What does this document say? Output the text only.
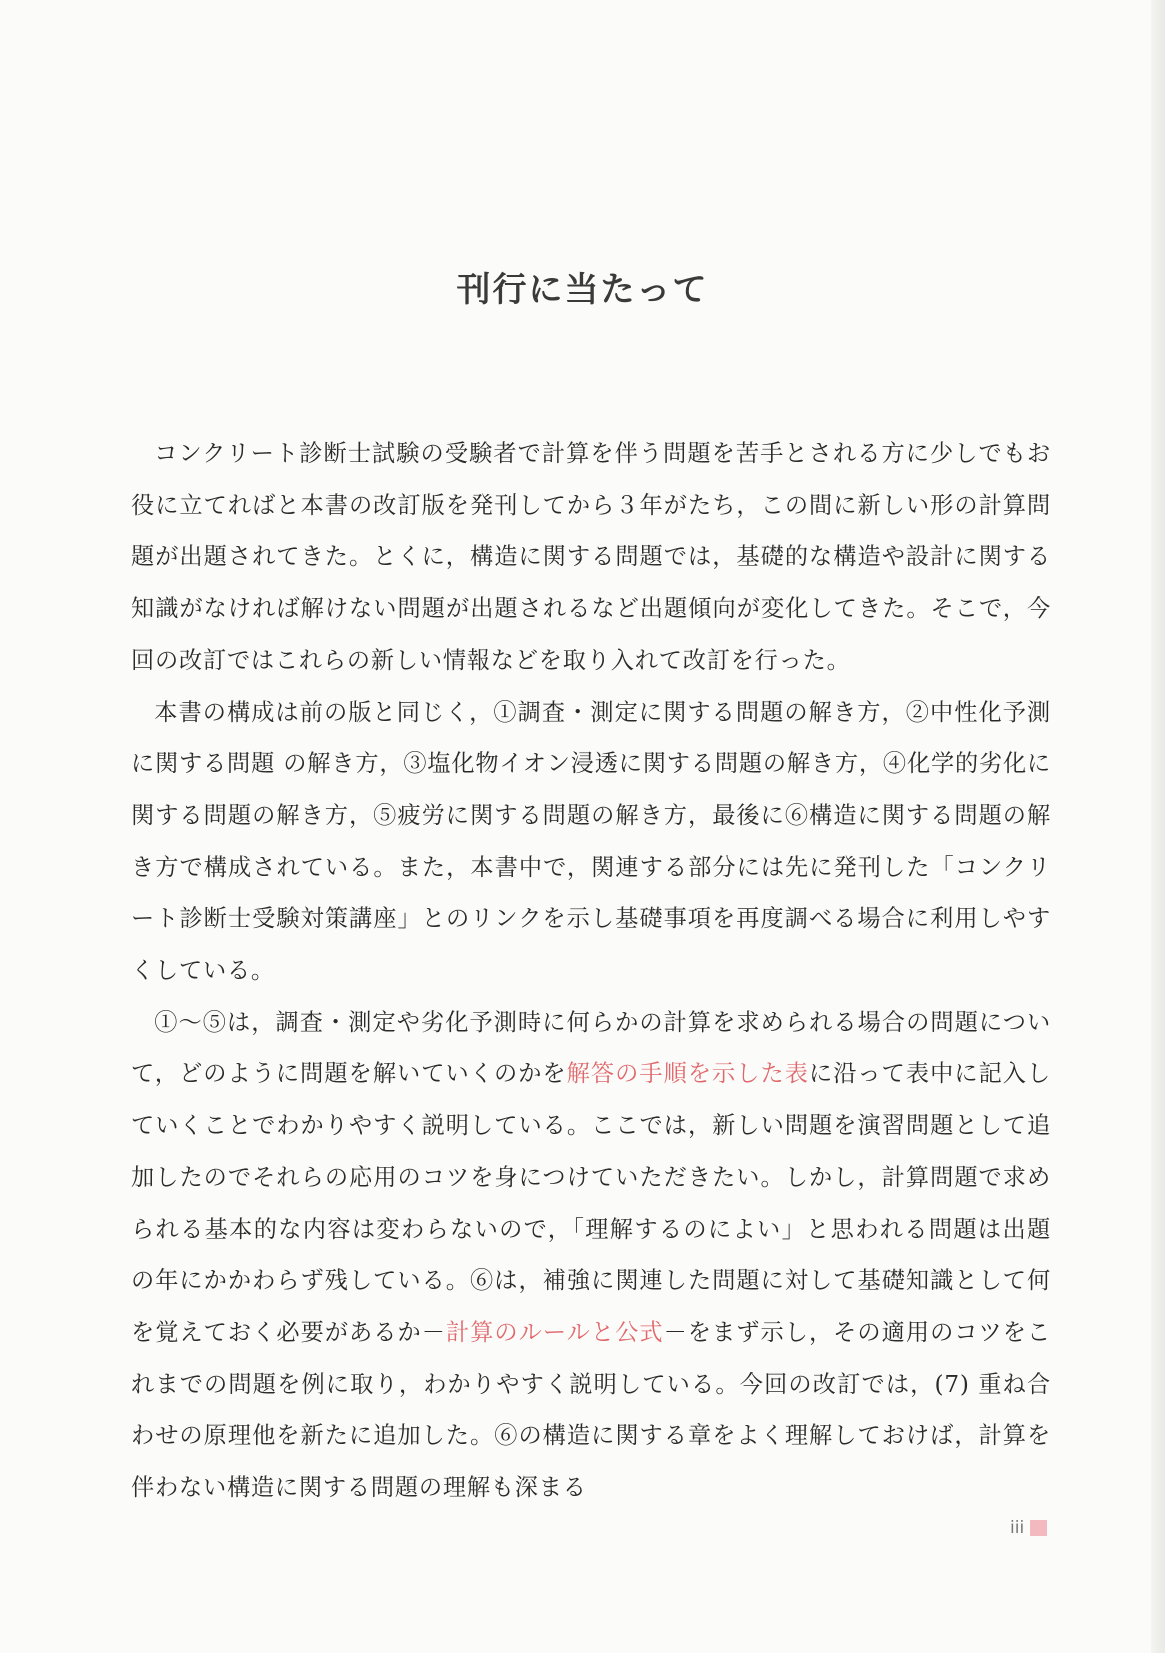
刊行に当たって

コンクリート診断士試験の受験者で計算を伴う問題を苦手とされる方に少しでもお役に立てればと本書の改訂版を発刊してから３年がたち，この間に新しい形の計算問題が出題されてきた。とくに，構造に関する問題では，基礎的な構造や設計に関する知識がなければ解けない問題が出題されるなど出題傾向が変化してきた。そこで，今回の改訂ではこれらの新しい情報などを取り入れて改訂を行った。

本書の構成は前の版と同じく，①調査・測定に関する問題の解き方，②中性化予測に関する問題 の解き方，③塩化物イオン浸透に関する問題の解き方，④化学的劣化に関する問題の解き方，⑤疲労に関する問題の解き方，最後に⑥構造に関する問題の解き方で構成されている。また，本書中で，関連する部分には先に発刊した「コンクリート診断士受験対策講座」とのリンクを示し基礎事項を再度調べる場合に利用しやすくしている。

①～⑤は，調査・測定や劣化予測時に何らかの計算を求められる場合の問題について，どのように問題を解いていくのかを解答の手順を示した表に沿って表中に記入していくことでわかりやすく説明している。ここでは，新しい問題を演習問題として追加したのでそれらの応用のコツを身につけていただきたい。しかし，計算問題で求められる基本的な内容は変わらないので，「理解するのによい」と思われる問題は出題の年にかかわらず残している。⑥は，補強に関連した問題に対して基礎知識として何を覚えておく必要があるか－計算のルールと公式－をまず示し，その適用のコツをこれまでの問題を例に取り，わかりやすく説明している。今回の改訂では，(7) 重ね合わせの原理他を新たに追加した。⑥の構造に関する章をよく理解しておけば，計算を伴わない構造に関する問題の理解も深まる

iii
